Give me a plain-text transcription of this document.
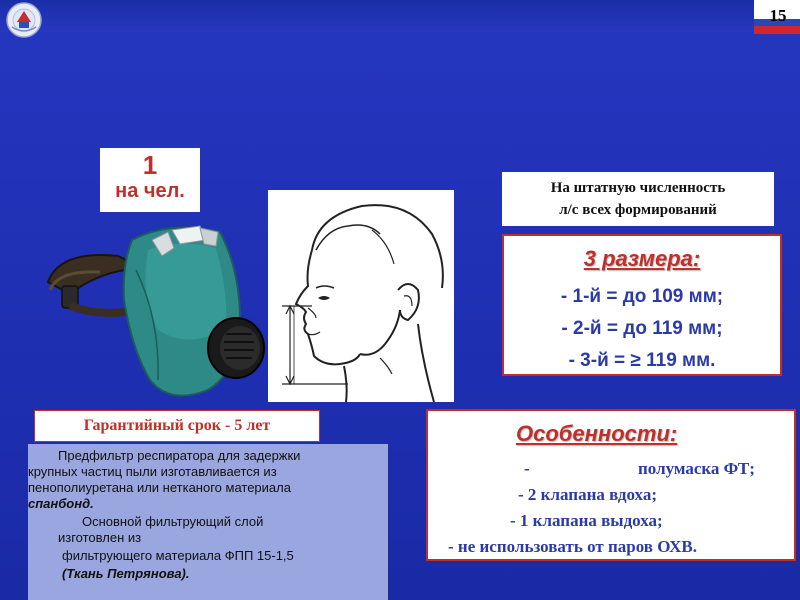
15
1
на чел.	На штатную численность
л/с всех формирований
3 размера:
- 1-й = до 109 мм;
- 2-й = до 119 мм;
- 3-й = ≥ 119 мм.
Гарантийный срок - 5 лет
Предфильтр респиратора для задержки
крупных частиц пыли изготавливается из
пенополиуретана или нетканого материала
спанбонд.
Основной фильтрующий слой
изготовлен из
фильтрующего материала ФПП 15-1,5
(Ткань Петрянова).
Особенности:
-	полумаска ФТ;
- 2 клапана вдоха;
- 1 клапана выдоха;
- не использовать от паров ОХВ.
